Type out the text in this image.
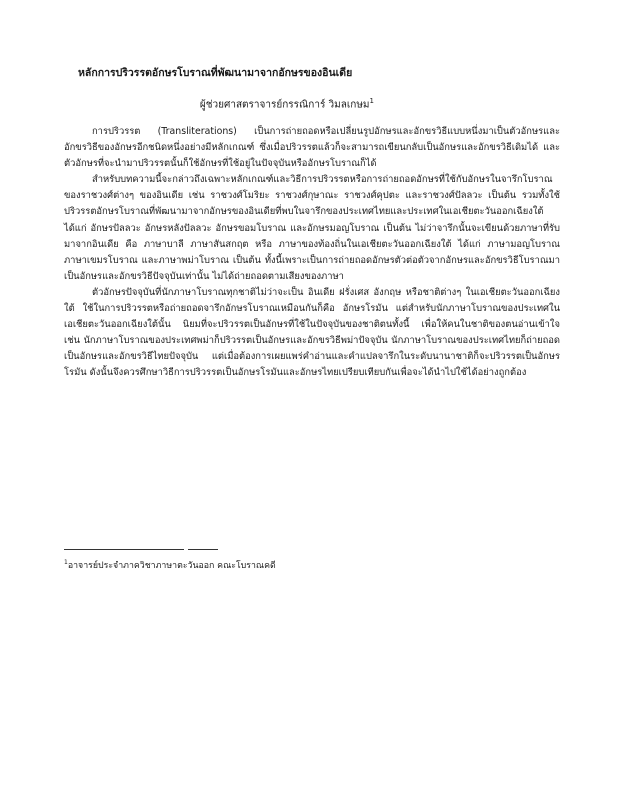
หลักการปริวรรตอักษรโบราณที่พัฒนามาจากอักษรของอินเดีย
ผู้ช่วยศาสตราจารย์กรรณิการ์ วิมลเกษม$^1$

การปริวรรต (Transliterations) เป็นการถ่ายถอดหรือเปลี่ยนรูปอักษรและอักขรวิธีแบบหนึ่งมาเป็นตัวอักษรและอักขรวิธีของอักษรอีกชนิดหนึ่งอย่างมีหลักเกณฑ์ ซึ่งเมื่อปริวรรตแล้วก็จะสามารถเขียนกลับเป็นอักษรและอักขรวิธีเดิมได้ และตัวอักษรที่จะนำมาปริวรรตนั้นก็ใช้อักษรที่ใช้อยู่ในปัจจุบันหรืออักษรโบราณก็ได้

สำหรับบทความนี้จะกล่าวถึงเฉพาะหลักเกณฑ์และวิธีการปริวรรตหรือการถ่ายถอดอักษรที่ใช้กับอักษรในจารึกโบราณของราชวงศ์ต่างๆ ของอินเดีย เช่น ราชวงศ์โมริยะ ราชวงศ์กุษาณะ ราชวงศ์คุปตะ และราชวงศ์ปัลลวะ เป็นต้น รวมทั้งใช้ปริวรรตอักษรโบราณที่พัฒนามาจากอักษรของอินเดียที่พบในจารึกของประเทศไทยและประเทศในเอเชียตะวันออกเฉียงใต้ ได้แก่ อักษรปัลลวะ อักษรหลังปัลลวะ อักษรขอมโบราณ และอักษรมอญโบราณ เป็นต้น ไม่ว่าจารึกนั้นจะเขียนด้วยภาษาที่รับมาจากอินเดีย คือ ภาษาบาลี ภาษาสันสกฤต หรือ ภาษาของท้องถิ่นในเอเชียตะวันออกเฉียงใต้ ได้แก่ ภาษามอญโบราณ ภาษาเขมรโบราณ และภาษาพม่าโบราณ เป็นต้น ทั้งนี้เพราะเป็นการถ่ายถอดอักษรตัวต่อตัวจากอักษรและอักขรวิธีโบราณมาเป็นอักษรและอักขรวิธีปัจจุบันเท่านั้น ไม่ได้ถ่ายถอดตามเสียงของภาษา

ตัวอักษรปัจจุบันที่นักภาษาโบราณทุกชาติไม่ว่าจะเป็น อินเดีย ฝรั่งเศส อังกฤษ หรือชาติต่างๆ ในเอเชียตะวันออกเฉียงใต้ ใช้ในการปริวรรตหรือถ่ายถอดจารึกอักษรโบราณเหมือนกันก็คือ อักษรโรมัน แต่สำหรับนักภาษาโบราณของประเทศในเอเชียตะวันออกเฉียงใต้นั้น นิยมที่จะปริวรรตเป็นอักษรที่ใช้ในปัจจุบันของชาติตนทั้งนี้ เพื่อให้คนในชาติของตนอ่านเข้าใจ เช่น นักภาษาโบราณของประเทศพม่าก็ปริวรรตเป็นอักษรและอักขรวิธีพม่าปัจจุบัน นักภาษาโบราณของประเทศไทยก็ถ่ายถอดเป็นอักษรและอักขรวิธีไทยปัจจุบัน แต่เมื่อต้องการเผยแพร่คำอ่านและคำแปลจารึกในระดับนานาชาติก็จะปริวรรตเป็นอักษรโรมัน ดังนั้นจึงควรศึกษาวิธีการปริวรรตเป็นอักษรโรมันและอักษรไทยเปรียบเทียบกันเพื่อจะได้นำไปใช้ได้อย่างถูกต้อง

$^1$อาจารย์ประจำภาควิชาภาษาตะวันออก คณะโบราณคดี
